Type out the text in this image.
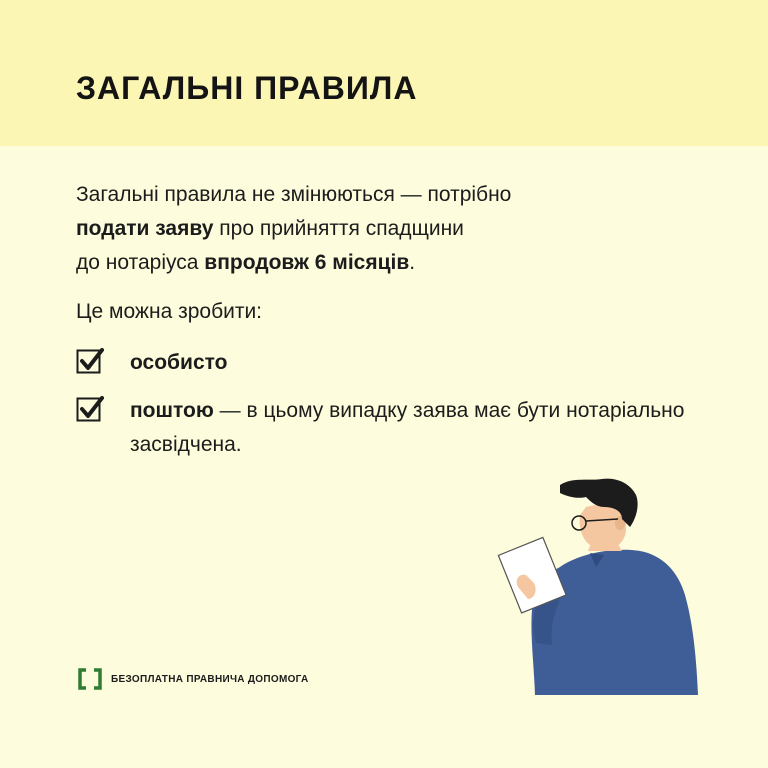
ЗАГАЛЬНІ ПРАВИЛА

Загальні правила не змінюються — потрібно
подати заяву про прийняття спадщини
до нотаріуса впродовж 6 місяців.

Це можна зробити:

особисто

поштою — в цьому випадку заява має бути нотаріально засвідчена.

БЕЗОПЛАТНА ПРАВНИЧА ДОПОМОГА
